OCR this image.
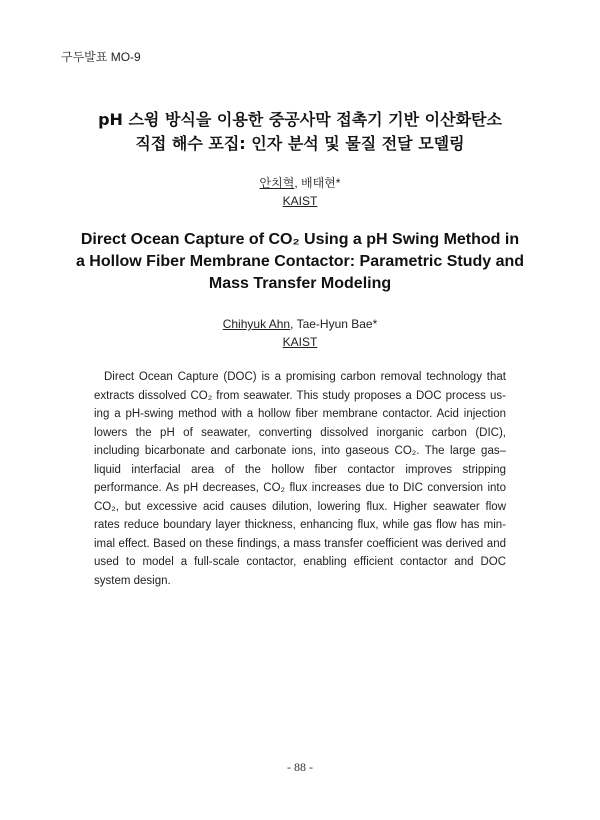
구두발표 MO-9
pH 스윙 방식을 이용한 중공사막 접촉기 기반 이산화탄소
직접 해수 포집: 인자 분석 및 물질 전달 모델링
안치혁, 배태현*
KAIST
Direct Ocean Capture of CO₂ Using a pH Swing Method in
a Hollow Fiber Membrane Contactor: Parametric Study and
Mass Transfer Modeling
Chihyuk Ahn, Tae-Hyun Bae*
KAIST

Direct Ocean Capture (DOC) is a promising carbon removal technology that extracts dissolved CO₂ from seawater. This study proposes a DOC process using a pH-swing method with a hollow fiber membrane contactor. Acid injection lowers the pH of seawater, converting dissolved inorganic carbon (DIC), including bicarbonate and carbonate ions, into gaseous CO₂. The large gas–liquid interfacial area of the hollow fiber contactor improves stripping performance. As pH decreases, CO₂ flux increases due to DIC conversion into CO₂, but excessive acid causes dilution, lowering flux. Higher seawater flow rates reduce boundary layer thickness, enhancing flux, while gas flow has minimal effect. Based on these findings, a mass transfer coefficient was derived and used to model a full-scale contactor, enabling efficient contactor and DOC system design.

- 88 -
